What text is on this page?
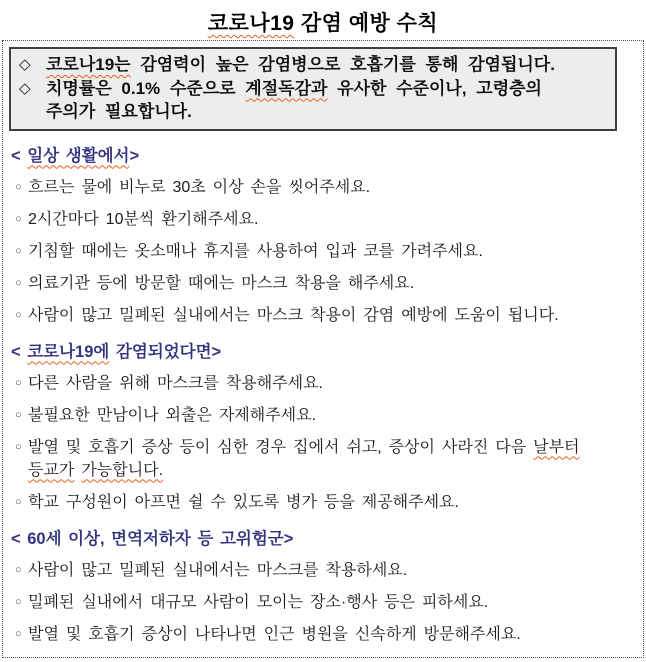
코로나19 감염 예방 수칙
◇ 코로나19는 감염력이 높은 감염병으로 호흡기를 통해 감염됩니다.
◇ 치명률은 0.1% 수준으로 계절독감과 유사한 수준이나, 고령층의
주의가 필요합니다.
< 일상 생활에서>
○ 흐르는 물에 비누로 30초 이상 손을 씻어주세요.
○ 2시간마다 10분씩 환기해주세요.
○ 기침할 때에는 옷소매나 휴지를 사용하여 입과 코를 가려주세요.
○ 의료기관 등에 방문할 때에는 마스크 착용을 해주세요.
○ 사람이 많고 밀폐된 실내에서는 마스크 착용이 감염 예방에 도움이 됩니다.
< 코로나19에 감염되었다면>
○ 다른 사람을 위해 마스크를 착용해주세요.
○ 불필요한 만남이나 외출은 자제해주세요.
○ 발열 및 호흡기 증상 등이 심한 경우 집에서 쉬고, 증상이 사라진 다음 날부터
등교가 가능합니다.
○ 학교 구성원이 아프면 쉴 수 있도록 병가 등을 제공해주세요.
< 60세 이상, 면역저하자 등 고위험군>
○ 사람이 많고 밀폐된 실내에서는 마스크를 착용하세요.
○ 밀폐된 실내에서 대규모 사람이 모이는 장소·행사 등은 피하세요.
○ 발열 및 호흡기 증상이 나타나면 인근 병원을 신속하게 방문해주세요.
